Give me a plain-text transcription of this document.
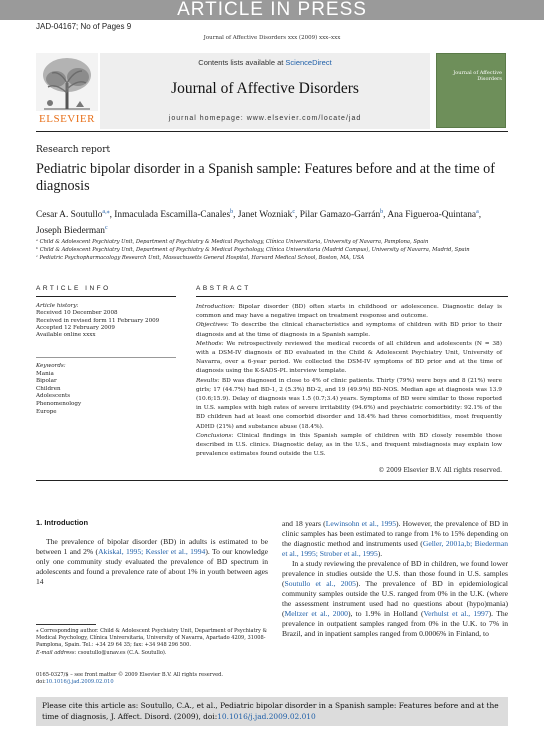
ARTICLE IN PRESS
JAD-04167; No of Pages 9
Journal of Affective Disorders xxx (2009) xxx–xxx
ELSEVIER
Contents lists available at ScienceDirect
Journal of Affective Disorders
journal homepage: www.elsevier.com/locate/jad
Journal of Affective Disorders
Research report
Pediatric bipolar disorder in a Spanish sample: Features before and at the time of diagnosis
Cesar A. Soutullo$^{a,⁎}$, Inmaculada Escamilla-Canales$^b$, Janet Wozniak$^c$, Pilar Gamazo-Garrán$^b$, Ana Figueroa-Quintana$^a$, Joseph Biederman$^c$
ᵃ Child & Adolescent Psychiatry Unit, Department of Psychiatry & Medical Psychology, Clínica Universitaria, University of Navarra, Pamplona, Spain
ᵇ Child & Adolescent Psychiatry Unit, Department of Psychiatry & Medical Psychology, Clínica Universitaria (Madrid Campus), University of Navarra, Madrid, Spain
ᶜ Pediatric Psychopharmacology Research Unit, Massachusetts General Hospital, Harvard Medical School, Boston, MA, USA
ARTICLE INFO	ABSTRACT
Article history:
Received 10 December 2008
Received in revised form 11 February 2009
Accepted 12 February 2009
Available online xxxx
Keywords:
Mania
Bipolar
Children
Adolescents
Phenomenology
Europe
Introduction: Bipolar disorder (BD) often starts in childhood or adolescence. Diagnostic delay is common and may have a negative impact on treatment response and outcome.
Objectives: To describe the clinical characteristics and symptoms of children with BD prior to their diagnosis and at the time of diagnosis in a Spanish sample.
Methods: We retrospectively reviewed the medical records of all children and adolescents (N = 38) with a DSM-IV diagnosis of BD evaluated in the Child & Adolescent Psychiatry Unit, University of Navarra, over a 6-year period. We collected the DSM-IV symptoms of BD prior and at the time of diagnosis using the K-SADS-PL interview template.
Results: BD was diagnosed in close to 4% of clinic patients. Thirty (79%) were boys and 8 (21%) were girls; 17 (44.7%) had BD-1, 2 (5.3%) BD-2, and 19 (49.9%) BD-NOS. Median age at diagnosis was 13.9 (10.6;15.9). Delay of diagnosis was 1.5 (0.7;3.4) years. Symptoms of BD were similar to those reported in U.S. samples with high rates of severe irritability (94.6%) and psychiatric comorbidity: 92.1% of the BD children had at least one comorbid disorder and 18.4% had three comorbidities, most frequently ADHD (21%) and substance abuse (18.4%).
Conclusions: Clinical findings in this Spanish sample of children with BD closely resemble those described in U.S. clinics. Diagnostic delay, as in the U.S., and frequent misdiagnosis may explain low prevalence estimates found outside the U.S.
© 2009 Elsevier B.V. All rights reserved.
1. Introduction
The prevalence of bipolar disorder (BD) in adults is estimated to be between 1 and 2% (Akiskal, 1995; Kessler et al., 1994). To our knowledge only one community study evaluated the prevalence of BD spectrum in adolescents and found a prevalence rate of about 1% in youth between ages 14

and 18 years (Lewinsohn et al., 1995). However, the prevalence of BD in clinic samples has been estimated to range from 1% to 15% depending on the diagnostic method and instruments used (Geller, 2001a,b; Biederman et al., 1995; Strober et al., 1995).

In a study reviewing the prevalence of BD in children, we found lower prevalence in studies outside the U.S. than those found in U.S. samples (Soutullo et al., 2005). The prevalence of BD in epidemiological community samples outside the U.S. ranged from 0% in the U.K. (where the assessment instrument used had no questions about (hypo)mania) (Meltzer et al., 2000), to 1.9% in Holland (Verhulst et al., 1997). The prevalence in outpatient samples ranged from 0% in the U.K. to 7% in Brazil, and in inpatient samples ranged from 0.0006% in Finland, to

⁎ Corresponding author. Child & Adolescent Psychiatry Unit, Department of Psychiatry & Medical Psychology, Clínica Universitaria, University of Navarra, Apartado 4209, 31008-Pamplona, Spain. Tel.: +34 29 64 35; fax: +34 948 296 500.
E-mail address: csoutullo@unav.es (C.A. Soutullo).
0165-0327/$ – see front matter © 2009 Elsevier B.V. All rights reserved.
doi:10.1016/j.jad.2009.02.010
Please cite this article as: Soutullo, C.A., et al., Pediatric bipolar disorder in a Spanish sample: Features before and at the time of diagnosis, J. Affect. Disord. (2009), doi:10.1016/j.jad.2009.02.010
